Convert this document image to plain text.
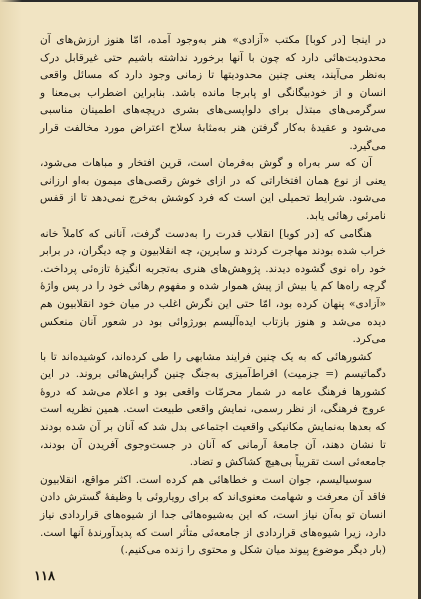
در اینجا [در کوبا] مکتب «آزادی» هنر به‌وجود آمده، امّا هنوز ارزش‌های آن محدودیت‌هائی دارد که چون با آنها برخورد نداشته باشیم حتی غیرقابل درک به‌نظر می‌آیند، یعنی چنین محدودیتها تا زمانی وجود دارد که مسائل واقعی انسان و از خودبیگانگی او پابرجا مانده باشد. بنابراین اضطراب بی‌معنا و سرگرمی‌های مبتذل برای دلواپسی‌های بشری دریچه‌های اطمینان مناسبی می‌شود و عقیده‌ٔ به‌کار گرفتن هنر به‌مثابهٔ سلاح اعتراض مورد مخالفت قرار می‌گیرد.

آن که سر به‌راه و گوش به‌فرمان است، قرین افتخار و مباهات می‌شود، یعنی از نوع همان افتخاراتی که در ازای خوش رقصی‌های میمون به‌او ارزانی می‌شود. شرایط تحمیلی این است که فرد کوشش به‌خرج نمی‌دهد تا از قفس نامرئی رهائی یابد.

هنگامی که [در کوبا] انقلاب قدرت را به‌دست گرفت، آنانی که کاملاً خانه خراب شده بودند مهاجرت کردند و سایرین، چه انقلابیون و چه دیگران، در برابر خود راه نوی گشوده دیدند. پژوهش‌های هنری به‌تجربه انگیزهٔ تازه‌ئی پرداخت. گرچه راه‌ها کم یا بیش از پیش هموار شده و مفهوم رهائی خود را در پس واژهٔ «آزادی» پنهان کرده بود، امّا حتی این نگرش اغلب در میان خود انقلابیون هم دیده می‌شد و هنوز بازتاب ایده‌آلیسم بورژوائی بود در شعور آنان منعکس می‌کرد.

کشورهائی که به یک چنین فرایند مشابهی را طی کرده‌اند، کوشیده‌اند تا با دگماتیسم (= جزمیت) افراط‌آمیزی به‌جنگ چنین گرایش‌هائی بروند. در این کشورها فرهنگ عامه در شمار محرمّات واقعی بود و اعلام می‌شد که دروهٔ عروج فرهنگی، از نظر رسمی، نمایش واقعی طبیعت است. همین نظریه است که بعدها به‌نمایش مکانیکی واقعیت اجتماعی بدل شد که آنان بر آن شده بودند تا نشان دهند، آن جامعهٔ آرمانی که آنان در جست‌وجوی آفریدن آن بودند، جامعه‌ئی است تقریباً بی‌هیچ کشاکش و تضاد.

سوسیالیسم، جوان است و خطاهائی هم کرده است. اکثر مواقع، انقلابیون فاقد آن معرفت و شهامت معنوی‌اند که برای رویاروئی با وظیفهٔ گسترش دادن انسان تو به‌آن نیاز است، که این به‌شیوه‌هائی جدا از شیوه‌های قراردادی نیاز دارد، زیرا شیوه‌های قراردادی از جامعه‌ئی متأثر است که پدیدآورندهٔ آنها است. (بار دیگر موضوع پیوند میان شکل و محتوی را زنده می‌کنیم.)

۱۱۸
